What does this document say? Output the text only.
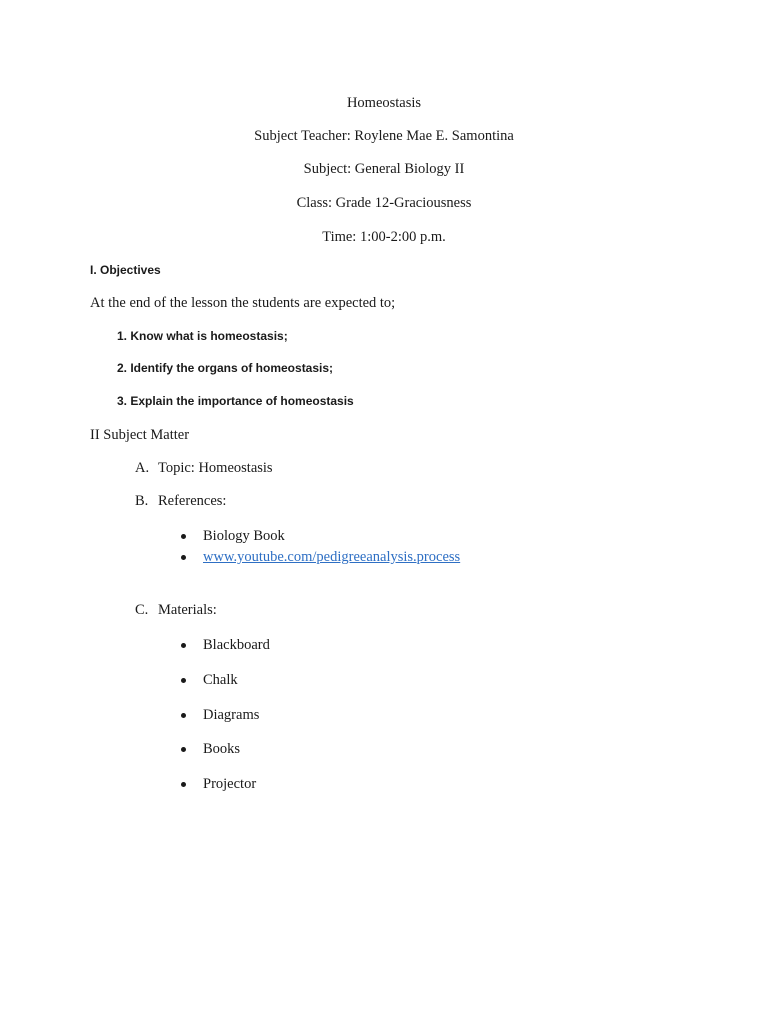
Homeostasis
Subject Teacher: Roylene Mae E. Samontina
Subject: General Biology II
Class: Grade 12-Graciousness
Time: 1:00-2:00 p.m.
I. Objectives
At the end of the lesson the students are expected to;
1. Know what is homeostasis;
2. Identify the organs of homeostasis;
3. Explain the importance of homeostasis
II Subject Matter
A. Topic: Homeostasis
B. References:
Biology Book
www.youtube.com/pedigreeanalysis.process
C. Materials:
Blackboard
Chalk
Diagrams
Books
Projector
